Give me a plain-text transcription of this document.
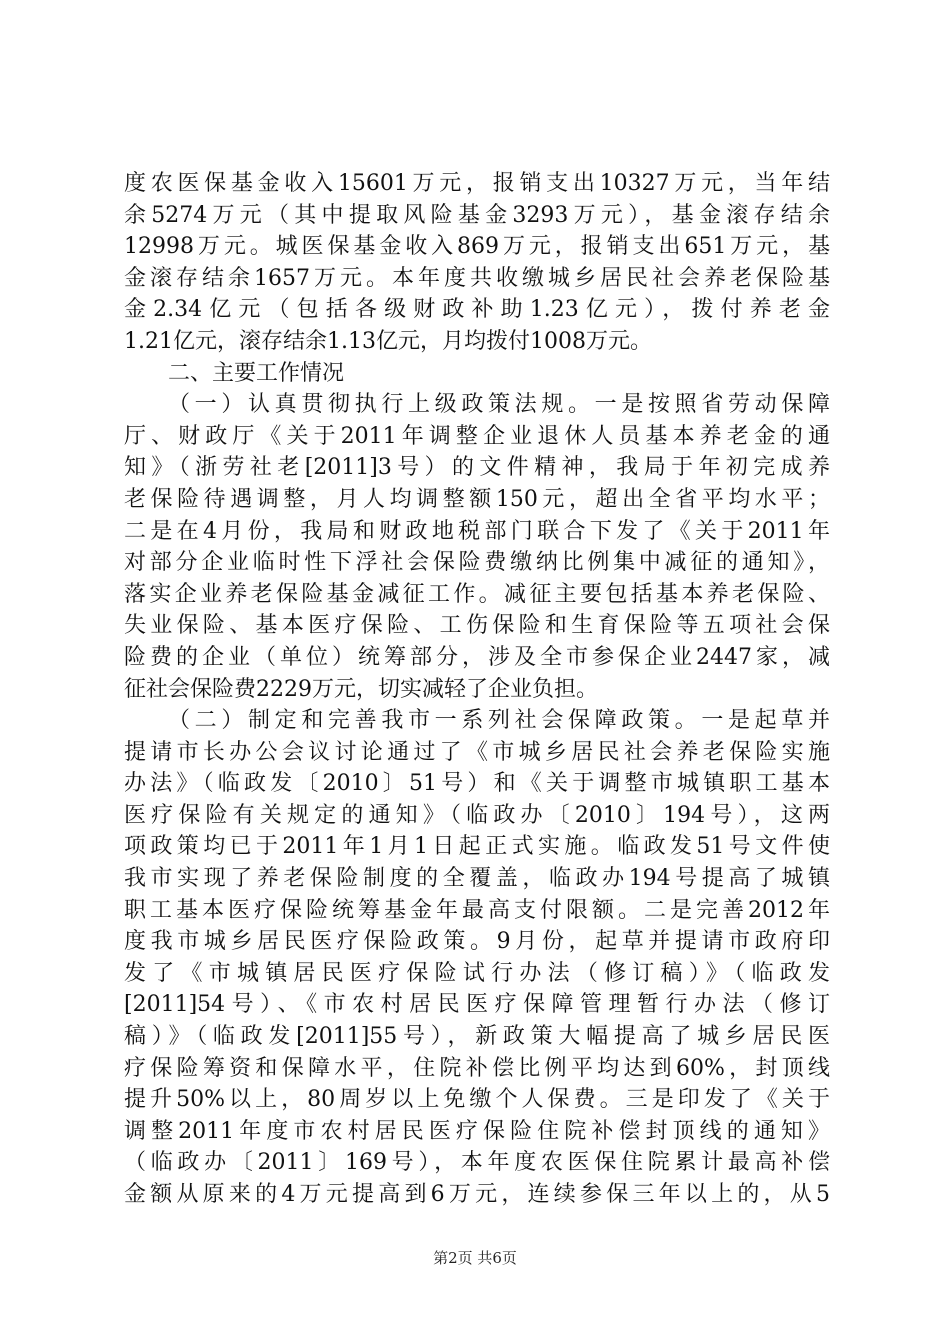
度农医保基金收入15601万元，报销支出10327万元，当年结
余5274万元（其中提取风险基金3293万元），基金滚存结余
12998万元。城医保基金收入869万元，报销支出651万元，基
金滚存结余1657万元。本年度共收缴城乡居民社会养老保险基
金2.34亿元（包括各级财政补助1.23亿元），拨付养老金
1.21亿元，滚存结余1.13亿元，月均拨付1008万元。
二、主要工作情况
（一）认真贯彻执行上级政策法规。一是按照省劳动保障
厅、财政厅《关于2011年调整企业退休人员基本养老金的通
知》（浙劳社老[2011]3号）的文件精神，我局于年初完成养
老保险待遇调整，月人均调整额150元，超出全省平均水平；
二是在4月份，我局和财政地税部门联合下发了《关于2011年
对部分企业临时性下浮社会保险费缴纳比例集中减征的通知》，
落实企业养老保险基金减征工作。减征主要包括基本养老保险、
失业保险、基本医疗保险、工伤保险和生育保险等五项社会保
险费的企业（单位）统筹部分，涉及全市参保企业2447家，减
征社会保险费2229万元，切实减轻了企业负担。
（二）制定和完善我市一系列社会保障政策。一是起草并
提请市长办公会议讨论通过了《市城乡居民社会养老保险实施
办法》（临政发〔2010〕51号）和《关于调整市城镇职工基本
医疗保险有关规定的通知》（临政办〔2010〕194号），这两
项政策均已于2011年1月1日起正式实施。临政发51号文件使
我市实现了养老保险制度的全覆盖，临政办194号提高了城镇
职工基本医疗保险统筹基金年最高支付限额。二是完善2012年
度我市城乡居民医疗保险政策。9月份，起草并提请市政府印
发了《市城镇居民医疗保险试行办法（修订稿）》（临政发
[2011]54号）、《市农村居民医疗保障管理暂行办法（修订
稿）》（临政发[2011]55号），新政策大幅提高了城乡居民医
疗保险筹资和保障水平，住院补偿比例平均达到60%，封顶线
提升50%以上，80周岁以上免缴个人保费。三是印发了《关于
调整2011年度市农村居民医疗保险住院补偿封顶线的通知》
（临政办〔2011〕169号），本年度农医保住院累计最高补偿
金额从原来的4万元提高到6万元，连续参保三年以上的，从5
第2页 共6页
